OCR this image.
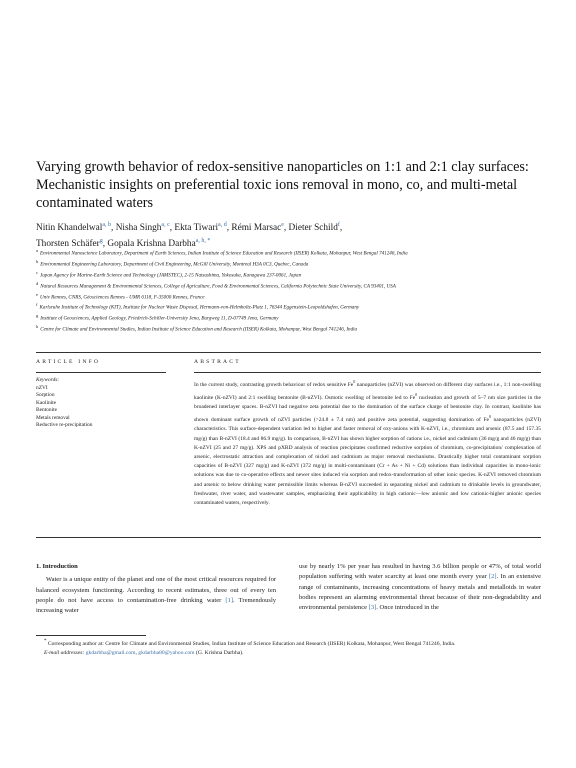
Varying growth behavior of redox-sensitive nanoparticles on 1:1 and 2:1 clay surfaces: Mechanistic insights on preferential toxic ions removal in mono, co, and multi-metal contaminated waters
Nitin Khandelwal$^{a, b}$, Nisha Singh$^{a, c}$, Ekta Tiwari$^{a, d}$, Rémi Marsac$^e$, Dieter Schild$^f$,
Thorsten Schäfer$^g$, Gopala Krishna Darbha$^{a, h, *}$

aEnvironmental Nanoscience Laboratory, Department of Earth Sciences, Indian Institute of Science Education and Research (IISER) Kolkata, Mohanpur, West Bengal 741246, India

bEnvironmental Engineering Laboratory, Department of Civil Engineering, McGill University, Montreal H3A 0C3, Quebec, Canada

cJapan Agency for Marine-Earth Science and Technology (JAMSTEC), 2-15 Natsushima, Yokosuka, Kanagawa 237-0061, Japan

dNatural Resources Management & Environmental Sciences, College of Agriculture, Food & Environmental Sciences, California Polytechnic State University, CA 93401, USA

eUniv Rennes, CNRS, Géosciences Rennes - UMR 6118, F-35000 Rennes, France

fKarlsruhe Institute of Technology (KIT), Institute for Nuclear Waste Disposal, Hermann-von-Helmholtz-Platz 1, 76344 Eggenstein-Leopoldshafen, Germany

gInstitute of Geosciences, Applied Geology, Friedrich-Schiller-University Jena, Burgweg 11, D-07749 Jena, Germany

hCentre for Climate and Environmental Studies, Indian Institute of Science Education and Research (IISER) Kolkata, Mohanpur, West Bengal 741246, India

ARTICLE INFO	ABSTRACT
Keywords:
nZVI
Sorption
Kaolinite
Bentonite
Metals removal
Reductive re-precipitation
In the current study, contrasting growth behaviour of redox sensitive Fe$^0$ nanoparticles (nZVI) was observed on different clay surfaces i.e., 1:1 non-swelling kaolinite (K-nZVI) and 2:1 swelling bentonite (B-nZVI). Osmotic swelling of bentonite led to Fe$^0$ nucleation and growth of 5–7 nm size particles in the broadened interlayer spaces. B-nZVI had negative zeta potential due to the domination of the surface charge of bentonite clay. In contrast, kaolinite has shown dominant surface growth of nZVI particles (>24.8 ± 7.4 nm) and positive zeta potential, suggesting domination of Fe$^0$ nanoparticles (nZVI) characteristics. This surface-dependent variation led to higher and faster removal of oxy-anions with K-nZVI, i.e., chromium and arsenic (87.5 and 157.35 mg/g) than B-nZVI (18.4 and 86.9 mg/g). In comparison, B-nZVI has shown higher sorption of cations i.e., nickel and cadmium (36 mg/g and 46 mg/g) than K-nZVI (25 and 27 mg/g). XPS and pXRD analysis of reaction precipitates confirmed reductive sorption of chromium, co-precipitation/ complexation of arsenic, electrostatic attraction and complexation of nickel and cadmium as major removal mechanisms. Drastically higher total contaminant sorption capacities of B-nZVI (327 mg/g) and K-nZVI (372 mg/g) in multi-contaminant (Cr + As + Ni + Cd) solutions than individual capacities in mono-ionic solutions was due to co-operative effects and newer sites induced via sorption and redox-transformation of other ionic species. K-nZVI removed chromium and arsenic to below drinking water permissible limits whereas B-nZVI succeeded in separating nickel and cadmium to drinkable levels in groundwater, freshwater, river water, and wastewater samples, emphasizing their applicability in high cationic—low anionic and low cationic-higher anionic species contaminated waters, respectively.
1. Introduction

Water is a unique entity of the planet and one of the most critical resources required for balanced ecosystem functioning. According to recent estimates, three out of every ten people do not have access to contamination-free drinking water [1]. Tremendously increasing water

use by nearly 1% per year has resulted in having 3.6 billion people or 47%, of total world population suffering with water scarcity at least one month every year [2]. In an extensive range of contaminants, increasing concentrations of heavy metals and metalloids in water bodies represent an alarming environmental threat because of their non-degradability and environmental persistence [3]. Once introduced in the

* Corresponding author at: Centre for Climate and Environmental Studies, Indian Institute of Science Education and Research (IISER) Kolkata, Mohanpur, West Bengal 741246, India.
E-mail addresses: gkdarbha@gmail.com, gkdarbha80@yahoo.com (G. Krishna Darbha).
